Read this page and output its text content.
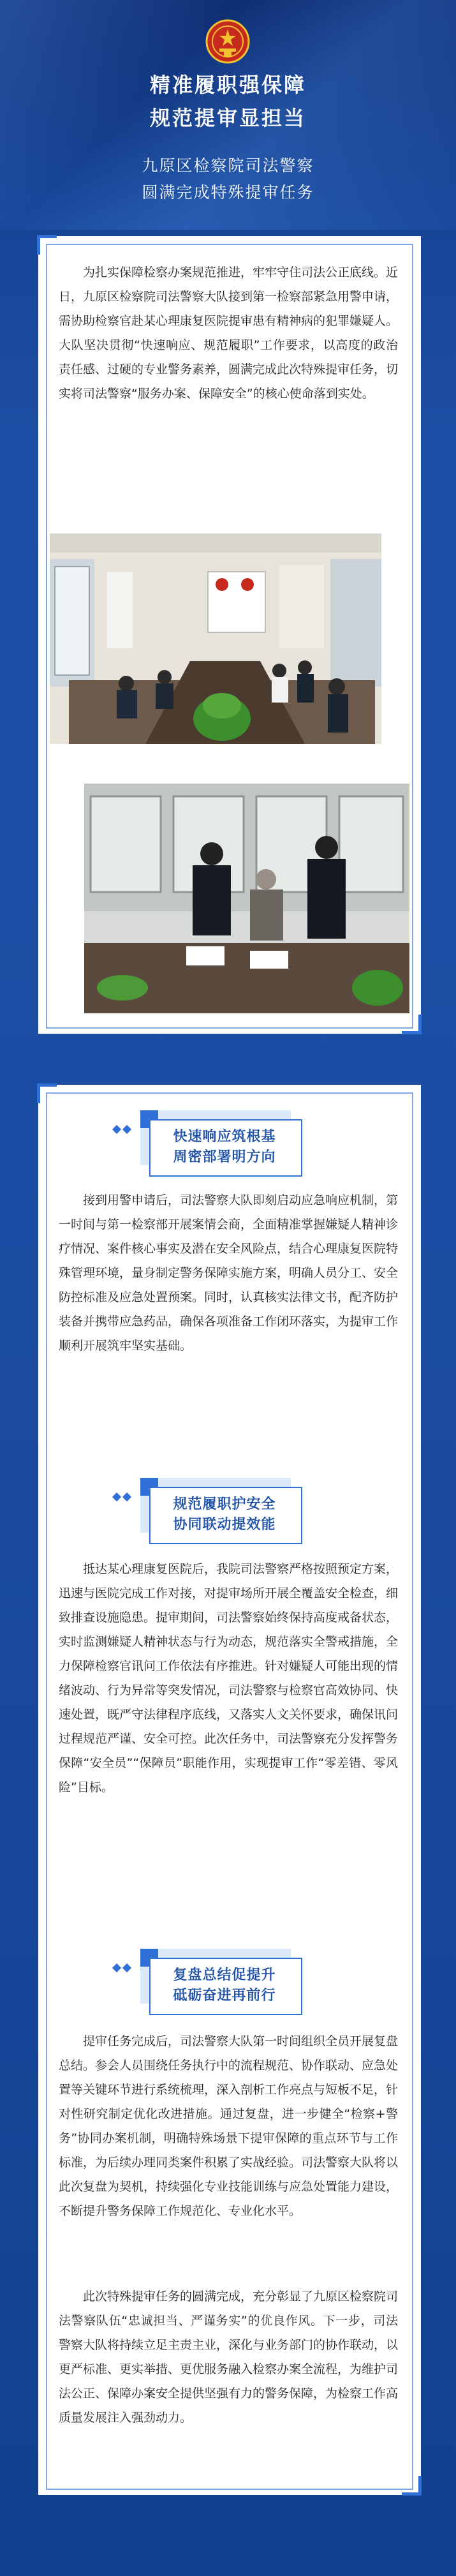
精准履职强保障
规范提审显担当
九原区检察院司法警察
圆满完成特殊提审任务

为扎实保障检察办案规范推进，牢牢守住司法公正底线。近日，九原区检察院司法警察大队接到第一检察部紧急用警申请，需协助检察官赴某心理康复医院提审患有精神病的犯罪嫌疑人。大队坚决贯彻“快速响应、规范履职”工作要求，以高度的政治责任感、过硬的专业警务素养，圆满完成此次特殊提审任务，切实将司法警察“服务办案、保障安全”的核心使命落到实处。

”
快速响应筑根基
周密部署明方向

接到用警申请后，司法警察大队即刻启动应急响应机制，第一时间与第一检察部开展案情会商，全面精准掌握嫌疑人精神诊疗情况、案件核心事实及潜在安全风险点，结合心理康复医院特殊管理环境，量身制定警务保障实施方案，明确人员分工、安全防控标准及应急处置预案。同时，认真核实法律文书，配齐防护装备并携带应急药品，确保各项准备工作闭环落实，为提审工作顺利开展筑牢坚实基础。

规范履职护安全
协同联动提效能

抵达某心理康复医院后，我院司法警察严格按照预定方案，迅速与医院完成工作对接，对提审场所开展全覆盖安全检查，细致排查设施隐患。提审期间，司法警察始终保持高度戒备状态，实时监测嫌疑人精神状态与行为动态，规范落实全警戒措施，全力保障检察官讯问工作依法有序推进。针对嫌疑人可能出现的情绪波动、行为异常等突发情况，司法警察与检察官高效协同、快速处置，既严守法律程序底线，又落实人文关怀要求，确保讯问过程规范严谨、安全可控。此次任务中，司法警察充分发挥警务保障“安全员”“保障员”职能作用，实现提审工作“零差错、零风险”目标。

复盘总结促提升
砥砺奋进再前行

提审任务完成后，司法警察大队第一时间组织全员开展复盘总结。参会人员围绕任务执行中的流程规范、协作联动、应急处置等关键环节进行系统梳理，深入剖析工作亮点与短板不足，针对性研究制定优化改进措施。通过复盘，进一步健全“检察+警务”协同办案机制，明确特殊场景下提审保障的重点环节与工作标准，为后续办理同类案件积累了实战经验。司法警察大队将以此次复盘为契机，持续强化专业技能训练与应急处置能力建设，不断提升警务保障工作规范化、专业化水平。

此次特殊提审任务的圆满完成，充分彰显了九原区检察院司法警察队伍“忠诚担当、严谨务实”的优良作风。下一步，司法警察大队将持续立足主责主业，深化与业务部门的协作联动，以更严标准、更实举措、更优服务融入检察办案全流程，为维护司法公正、保障办案安全提供坚强有力的警务保障，为检察工作高质量发展注入强劲动力。
